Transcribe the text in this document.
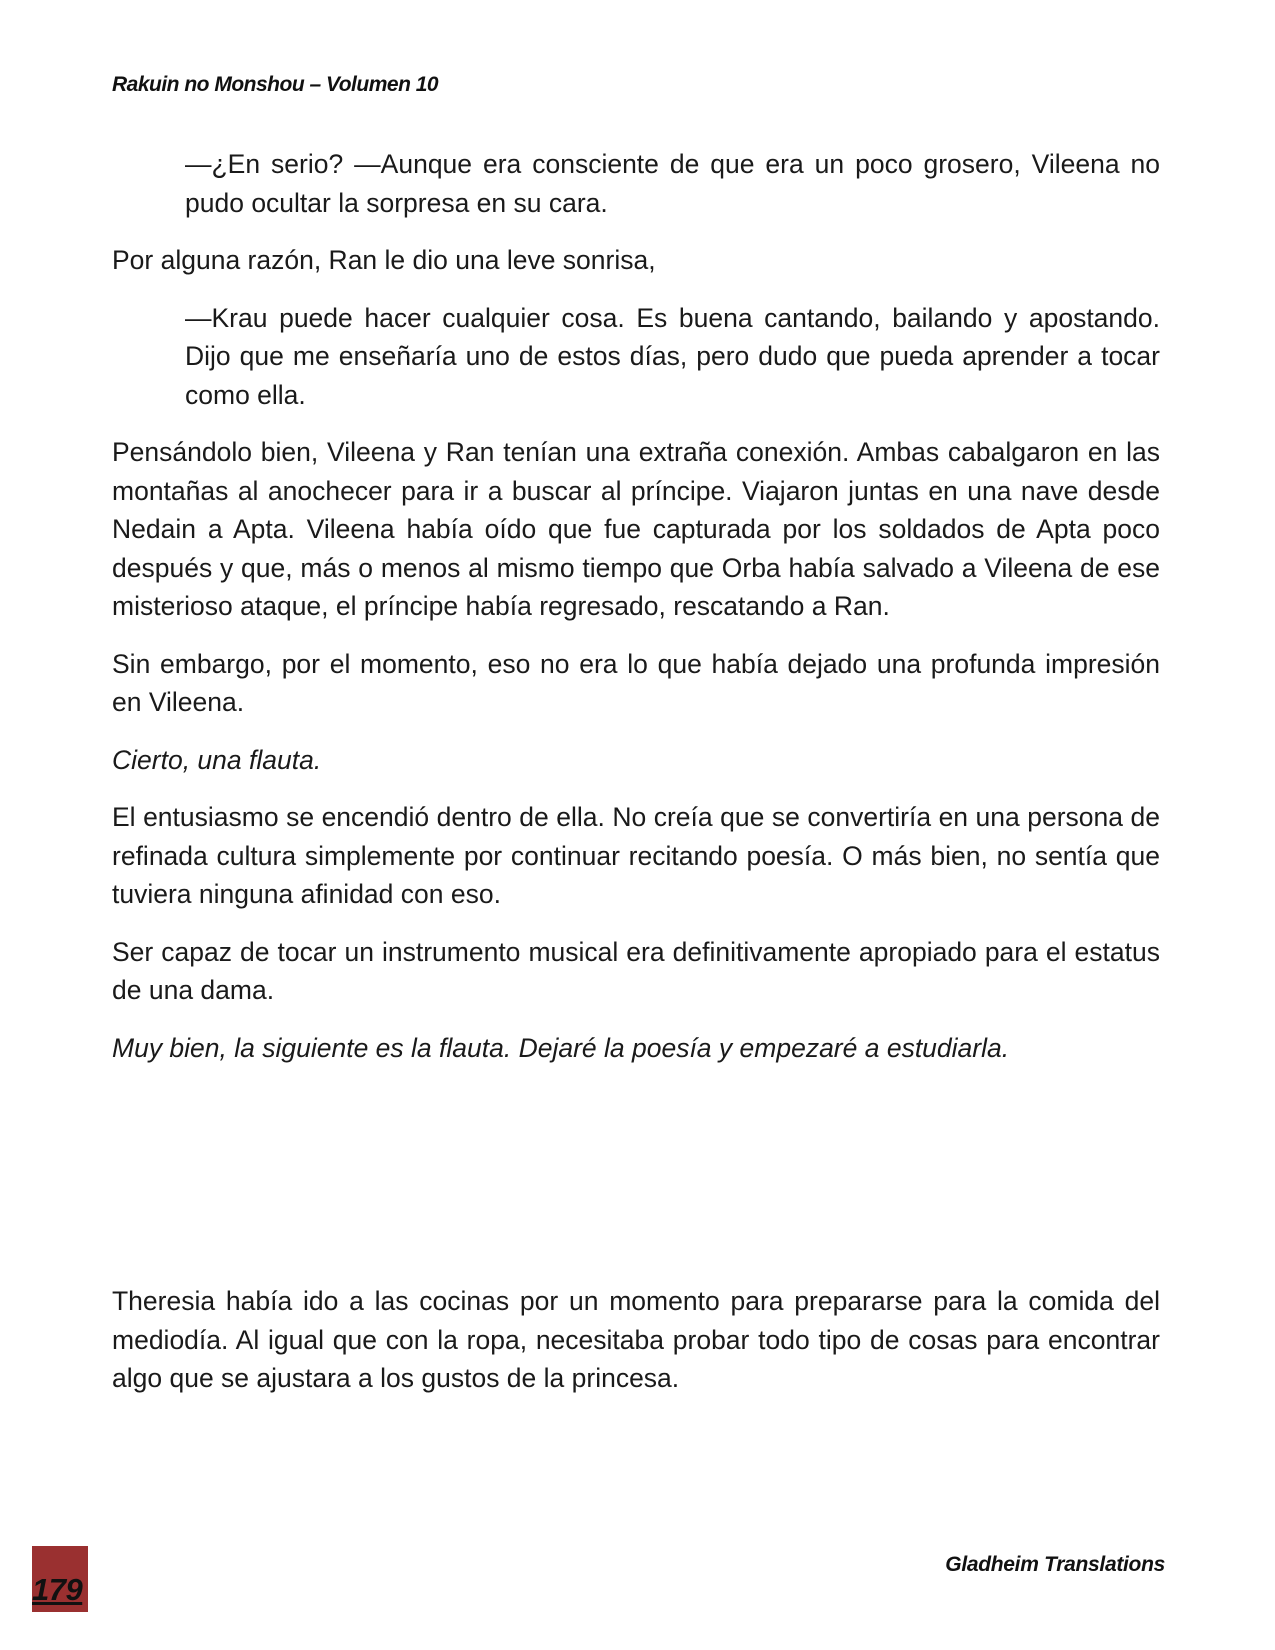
Rakuin no Monshou – Volumen 10

—¿En serio? —Aunque era consciente de que era un poco grosero, Vileena no pudo ocultar la sorpresa en su cara.

Por alguna razón, Ran le dio una leve sonrisa,

—Krau puede hacer cualquier cosa. Es buena cantando, bailando y apostando. Dijo que me enseñaría uno de estos días, pero dudo que pueda aprender a tocar como ella.

Pensándolo bien, Vileena y Ran tenían una extraña conexión. Ambas cabalgaron en las montañas al anochecer para ir a buscar al príncipe. Viajaron juntas en una nave desde Nedain a Apta. Vileena había oído que fue capturada por los soldados de Apta poco después y que, más o menos al mismo tiempo que Orba había salvado a Vileena de ese misterioso ataque, el príncipe había regresado, rescatando a Ran.

Sin embargo, por el momento, eso no era lo que había dejado una profunda impresión en Vileena.

Cierto, una flauta.

El entusiasmo se encendió dentro de ella. No creía que se convertiría en una persona de refinada cultura simplemente por continuar recitando poesía. O más bien, no sentía que tuviera ninguna afinidad con eso.

Ser capaz de tocar un instrumento musical era definitivamente apropiado para el estatus de una dama.

Muy bien, la siguiente es la flauta. Dejaré la poesía y empezaré a estudiarla.

Theresia había ido a las cocinas por un momento para prepararse para la comida del mediodía. Al igual que con la ropa, necesitaba probar todo tipo de cosas para encontrar algo que se ajustara a los gustos de la princesa.

179
Gladheim Translations
